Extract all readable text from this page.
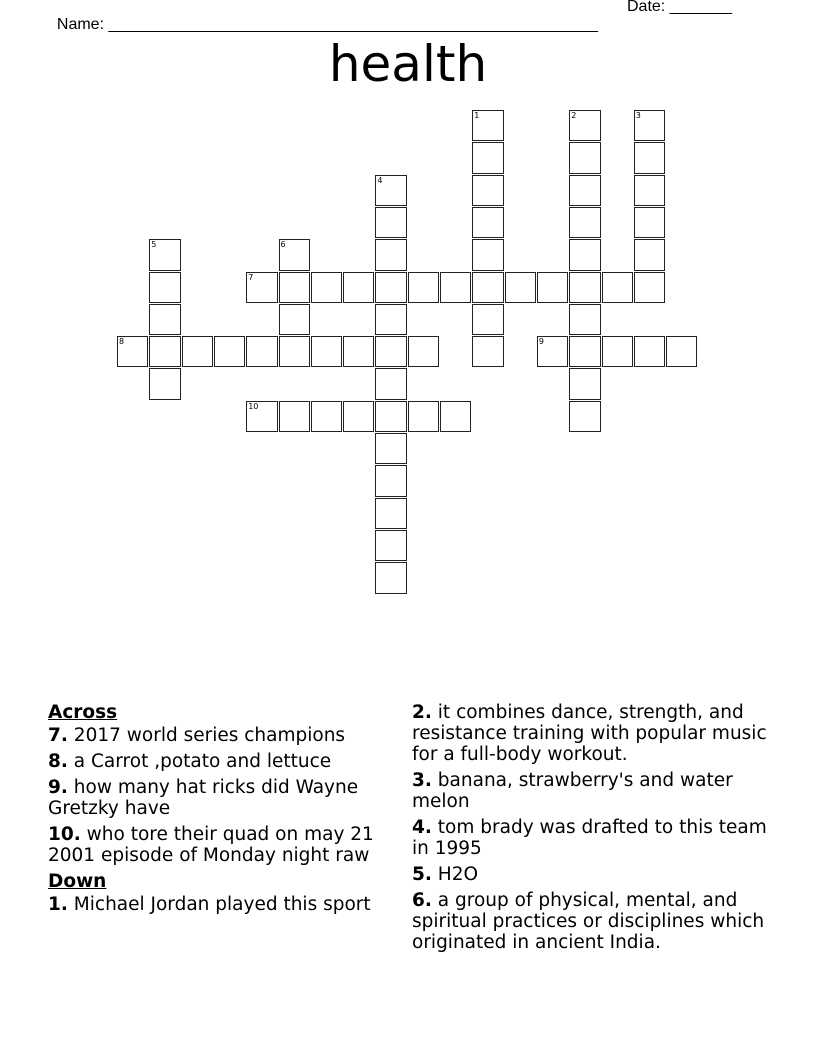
Name: _______________________________________________________

Date: _______

health
1	2	3
4
5	6
7
8	9
10
Across
7. 2017 world series champions
8. a Carrot ,potato and lettuce
9. how many hat ricks did Wayne Gretzky have
10. who tore their quad on may 21 2001 episode of Monday night raw
Down
1. Michael Jordan played this sport
2. it combines dance, strength, and resistance training with popular music for a full-body workout.
3. banana, strawberry's and water melon
4. tom brady was drafted to this team in 1995
5. H2O
6. a group of physical, mental, and spiritual practices or disciplines which originated in ancient India.
